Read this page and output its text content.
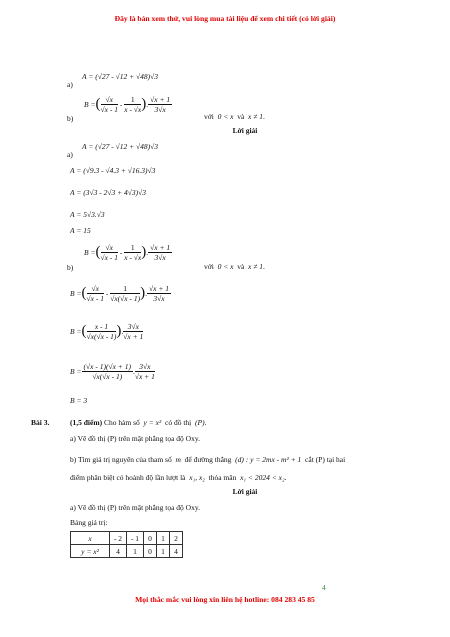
Đây là bản xem thử, vui lòng mua tài liệu để xem chi tiết (có lời giải)
A = (√27 - √12 + √48)√3
a)
B = ( $\frac{√x}{√x - 1} - \frac{1}{x - √x}$ ) . $\frac{√x + 1}{3√x}$
b)	với 0 < x và x ≠ 1.
Lời giải
A = (√27 - √12 + √48)√3
a)
A = (√9.3 - √4.3 + √16.3)√3
A = (3√3 - 2√3 + 4√3)√3
A = 5√3.√3
A = 15
B = ( $\frac{√x}{√x - 1} - \frac{1}{x - √x}$ ) . $\frac{√x + 1}{3√x}$
b)	với 0 < x và x ≠ 1.
B = ( $\frac{√x}{√x - 1} - \frac{1}{√x(√x - 1)}$ ) . $\frac{√x + 1}{3√x}$
B = ( $\frac{x - 1}{√x(√x - 1)}$ ) . $\frac{3√x}{√x + 1}$
$B = \frac{(√x - 1)(√x + 1)}{√x(√x - 1)}$ . $\frac{3√x}{√x + 1}$
B = 3
Bài 3.	(1,5 điểm) Cho hàm số y = x² có đồ thị (P).
a) Vẽ đồ thị (P) trên mặt phẳng tọa độ Oxy.
b) Tìm giá trị nguyên của tham số m để đường thẳng (d) : y = 2mx - m² + 1 cắt (P) tại hai
điểm phân biệt có hoành độ lần lượt là x₁, x₂ thỏa mãn x₁ < 2024 < x₂.
Lời giải
a) Vẽ đồ thị (P) trên mặt phẳng tọa độ Oxy.
Bảng giá trị:
x	- 2	- 1	0	1	2
y = x²	4	1	0	1	4
4
Mọi thắc mắc vui lòng xin liên hệ hotline: 084 283 45 85
